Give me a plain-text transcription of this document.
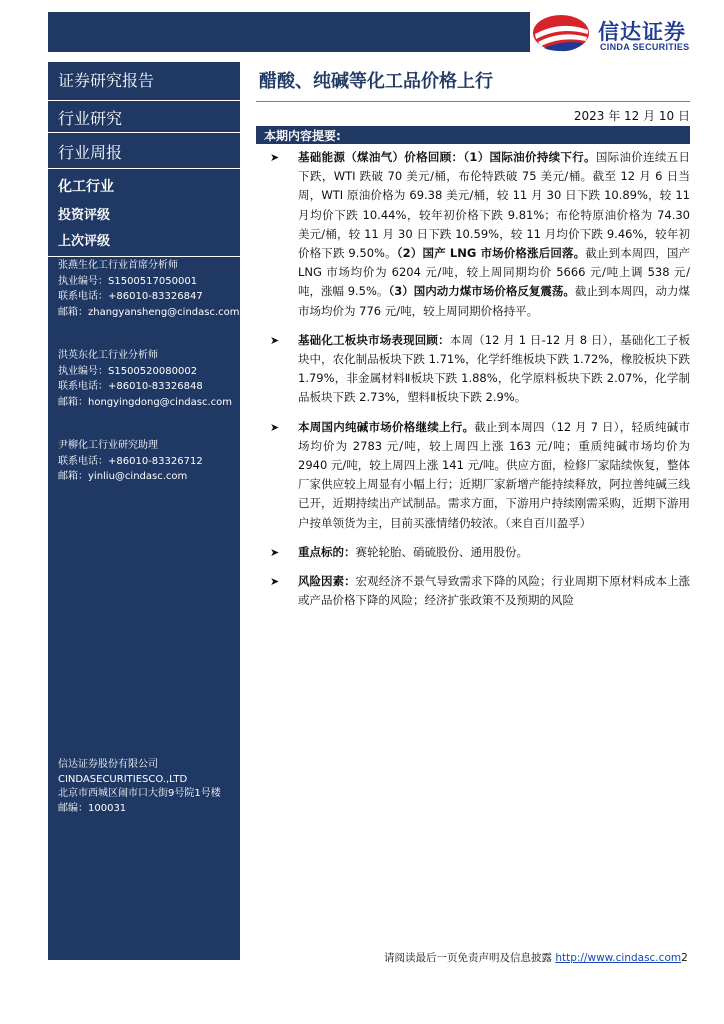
信达证券
CINDA SECURITIES
证券研究报告
行业研究
行业周报
化工行业
投资评级
上次评级
张燕生化工行业首席分析师
执业编号：S1500517050001
联系电话：+86010-83326847
邮箱：zhangyansheng@cindasc.com
洪英东化工行业分析师
执业编号：S1500520080002
联系电话：+86010-83326848
邮箱：hongyingdong@cindasc.com
尹柳化工行业研究助理
联系电话：+86010-83326712
邮箱：yinliu@cindasc.com
信达证券股份有限公司
CINDASECURITIESCO.,LTD
北京市西城区闹市口大街9号院1号楼
邮编：100031
醋酸、纯碱等化工品价格上行
2023 年 12 月 10 日
本期内容提要:
➤ 基础能源（煤油气）价格回顾：（1）国际油价持续下行。国际油价连续五日下跌，WTI 跌破 70 美元/桶，布伦特跌破 75 美元/桶。截至 12 月 6 日当周，WTI 原油价格为 69.38 美元/桶，较 11 月 30 日下跌 10.89%，较 11 月均价下跌 10.44%，较年初价格下跌 9.81%；布伦特原油价格为 74.30 美元/桶，较 11 月 30 日下跌 10.59%，较 11 月均价下跌 9.46%，较年初价格下跌 9.50%。（2）国产 LNG 市场价格涨后回落。截止到本周四，国产 LNG 市场均价为 6204 元/吨，较上周同期均价 5666 元/吨上调 538 元/吨，涨幅 9.5%。（3）国内动力煤市场价格反复震荡。截止到本周四，动力煤市场均价为 776 元/吨，较上周同期价格持平。
➤ 基础化工板块市场表现回顾：本周（12 月 1 日-12 月 8 日），基础化工子板块中，农化制品板块下跌 1.71%，化学纤维板块下跌 1.72%，橡胶板块下跌 1.79%，非金属材料Ⅱ板块下跌 1.88%，化学原料板块下跌 2.07%，化学制品板块下跌 2.73%，塑料Ⅱ板块下跌 2.9%。
➤ 本周国内纯碱市场价格继续上行。截止到本周四（12 月 7 日），轻质纯碱市场均价为 2783 元/吨，较上周四上涨 163 元/吨；重质纯碱市场均价为 2940 元/吨，较上周四上涨 141 元/吨。供应方面，检修厂家陆续恢复，整体厂家供应较上周显有小幅上行；近期厂家新增产能持续释放，阿拉善纯碱三线已开，近期持续出产试制品。需求方面，下游用户持续刚需采购，近期下游用户按单领货为主，目前买涨情绪仍较浓。（来自百川盈孚）
➤ 重点标的：赛轮轮胎、硝硫股份、通用股份。
➤ 风险因素：宏观经济不景气导致需求下降的风险；行业周期下原材料成本上涨或产品价格下降的风险；经济扩张政策不及预期的风险
请阅读最后一页免责声明及信息披露 http://www.cindasc.com2
